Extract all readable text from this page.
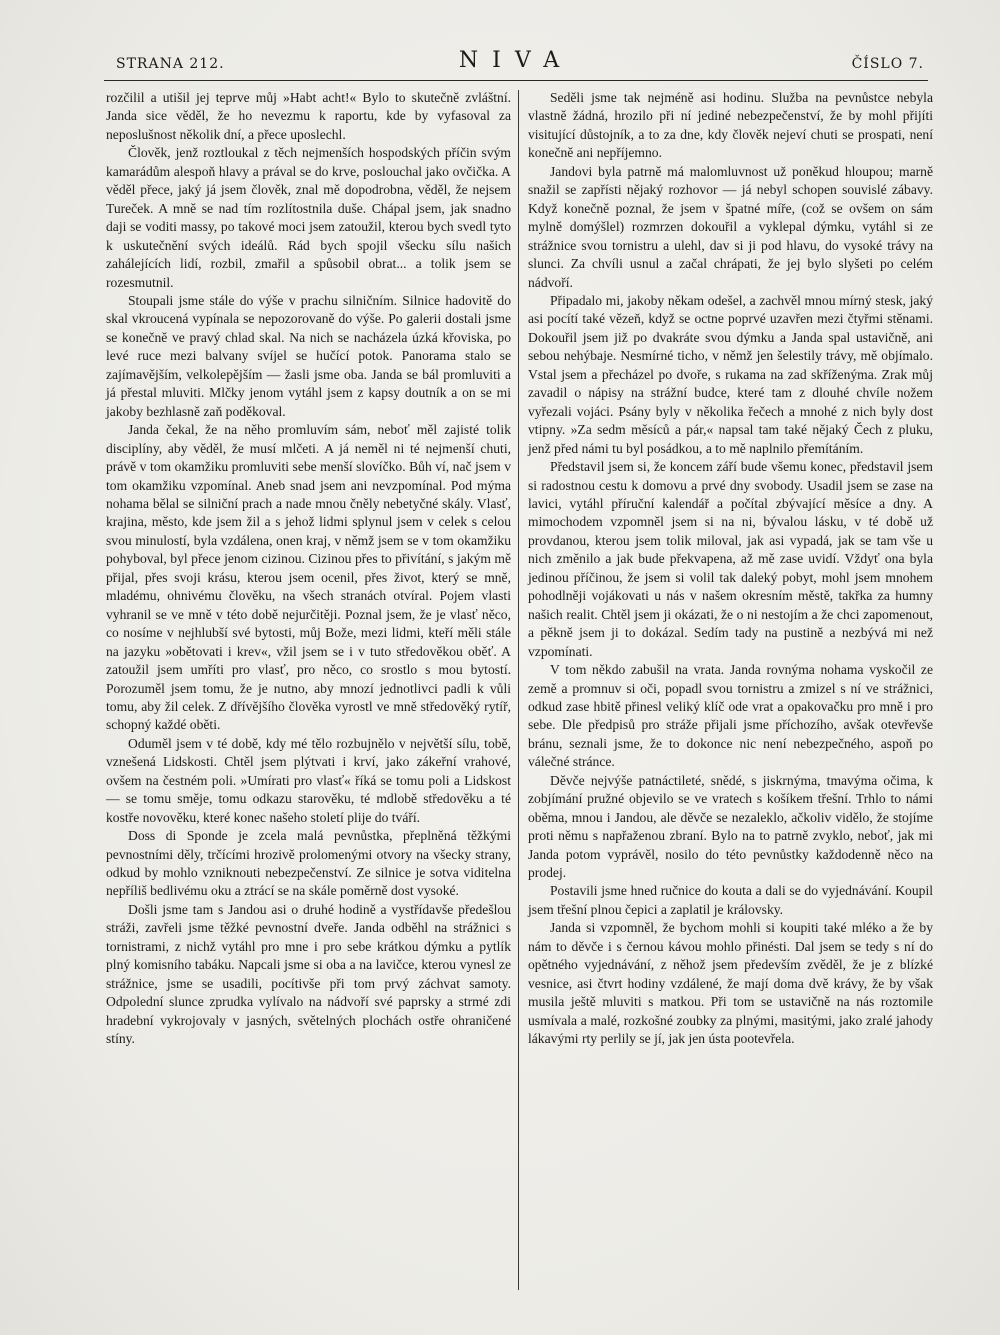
STRANA 212.	NIVA	ČÍSLO 7.

rozčilil a utišil jej teprve můj »Habt acht!« Bylo to skutečně zvláštní. Janda sice věděl, že ho nevezmu k raportu, kde by vyfasoval za neposlušnost několik dní, a přece uposlechl.

Člověk, jenž roztloukal z těch nejmenších hospodských příčin svým kamarádům alespoň hlavy a prával se do krve, poslouchal jako ovčička. A věděl přece, jaký já jsem člověk, znal mě dopodrobna, věděl, že nejsem Tureček. A mně se nad tím rozlítostnila duše. Chápal jsem, jak snadno daji se voditi massy, po takové moci jsem zatoužil, kterou bych svedl tyto k uskutečnění svých ideálů. Rád bych spojil všecku sílu našich zahálejících lidí, rozbil, zmařil a spůsobil obrat... a tolik jsem se rozesmutnil.

Stoupali jsme stále do výše v prachu silničním. Silnice hadovitě do skal vkroucená vypínala se nepozorovaně do výše. Po galerii dostali jsme se konečně ve pravý chlad skal. Na nich se nacházela úzká křoviska, po levé ruce mezi balvany svíjel se hučící potok. Panorama stalo se zajímavějším, velkolepějším — žasli jsme oba. Janda se bál promluviti a já přestal mluviti. Mlčky jenom vytáhl jsem z kapsy doutník a on se mi jakoby bezhlasně zaň poděkoval.

Janda čekal, že na něho promluvím sám, neboť měl zajisté tolik disciplíny, aby věděl, že musí mlčeti. A já neměl ni té nejmenší chuti, právě v tom okamžiku promluviti sebe menší slovíčko. Bůh ví, nač jsem v tom okamžiku vzpomínal. Aneb snad jsem ani nevzpomínal. Pod mýma nohama bělal se silniční prach a nade mnou čněly nebetyčné skály. Vlasť, krajina, město, kde jsem žil a s jehož lidmi splynul jsem v celek s celou svou minulostí, byla vzdálena, onen kraj, v němž jsem se v tom okamžiku pohyboval, byl přece jenom cizinou. Cizinou přes to přivítání, s jakým mě přijal, přes svoji krásu, kterou jsem ocenil, přes život, který se mně, mladému, ohnivému člověku, na všech stranách otvíral. Pojem vlasti vyhranil se ve mně v této době nejurčitěji. Poznal jsem, že je vlasť něco, co nosíme v nejhlubší své bytosti, můj Bože, mezi lidmi, kteří měli stále na jazyku »obětovati i krev«, vžil jsem se i v tuto středověkou oběť. A zatoužil jsem umříti pro vlasť, pro něco, co srostlo s mou bytostí. Porozuměl jsem tomu, že je nutno, aby mnozí jednotlivci padli k vůli tomu, aby žil celek. Z dřívějšího člověka vyrostl ve mně středověký rytíř, schopný každé oběti.

Oduměl jsem v té době, kdy mé tělo rozbujnělo v největší sílu, tobě, vznešená Lidskosti. Chtěl jsem plýtvati i krví, jako zákeřní vrahové, ovšem na čestném poli. »Umírati pro vlasť« říká se tomu poli a Lidskost — se tomu směje, tomu odkazu starověku, té mdlobě středověku a té kostře novověku, které konec našeho století plije do tváří.

Doss di Sponde je zcela malá pevnůstka, přeplněná těžkými pevnostními děly, trčícími hrozivě prolomenými otvory na všecky strany, odkud by mohlo vzniknouti nebezpečenství. Ze silnice je sotva viditelna nepříliš bedlivému oku a ztrácí se na skále poměrně dost vysoké.

Došli jsme tam s Jandou asi o druhé hodině a vystřídavše předešlou stráži, zavřeli jsme těžké pevnostní dveře. Janda odběhl na strážnici s tornistrami, z nichž vytáhl pro mne i pro sebe krátkou dýmku a pytlík plný komisního tabáku. Napcali jsme si oba a na lavičce, kterou vynesl ze strážnice, jsme se usadili, pocítivše při tom prvý záchvat samoty. Odpolední slunce zprudka vylívalo na nádvoří své paprsky a strmé zdi hradební vykrojovaly v jasných, světelných plochách ostře ohraničené stíny.

Seděli jsme tak nejméně asi hodinu. Služba na pevnůstce nebyla vlastně žádná, hrozilo při ní jediné nebezpečenství, že by mohl přijíti visitující důstojník, a to za dne, kdy člověk nejeví chuti se prospati, není konečně ani nepříjemno.

Jandovi byla patrně má malomluvnost už poněkud hloupou; marně snažil se zapřísti nějaký rozhovor — já nebyl schopen souvislé zábavy. Když konečně poznal, že jsem v špatné míře, (což se ovšem on sám mylně domýšlel) rozmrzen dokouřil a vyklepal dýmku, vytáhl si ze strážnice svou tornistru a ulehl, dav si ji pod hlavu, do vysoké trávy na slunci. Za chvíli usnul a začal chrápati, že jej bylo slyšeti po celém nádvoří.

Připadalo mi, jakoby někam odešel, a zachvěl mnou mírný stesk, jaký asi pocítí také vězeň, když se octne poprvé uzavřen mezi čtyřmi stěnami. Dokouřil jsem již po dvakráte svou dýmku a Janda spal ustavičně, ani sebou nehýbaje. Nesmírné ticho, v němž jen šelestily trávy, mě objímalo. Vstal jsem a přecházel po dvoře, s rukama na zad skříženýma. Zrak můj zavadil o nápisy na strážní budce, které tam z dlouhé chvíle nožem vyřezali vojáci. Psány byly v několika řečech a mnohé z nich byly dost vtipny. »Za sedm měsíců a pár,« napsal tam také nějaký Čech z pluku, jenž před námi tu byl posádkou, a to mě naplnilo přemítáním.

Představil jsem si, že koncem září bude všemu konec, představil jsem si radostnou cestu k domovu a prvé dny svobody. Usadil jsem se zase na lavici, vytáhl příruční kalendář a počítal zbývající měsíce a dny. A mimochodem vzpomněl jsem si na ni, bývalou lásku, v té době už provdanou, kterou jsem tolik miloval, jak asi vypadá, jak se tam vše u nich změnilo a jak bude překvapena, až mě zase uvidí. Vždyť ona byla jedinou příčinou, že jsem si volil tak daleký pobyt, mohl jsem mnohem pohodlněji vojákovati u nás v našem okresním městě, takřka za humny našich realit. Chtěl jsem ji okázati, že o ni nestojím a že chci zapomenout, a pěkně jsem ji to dokázal. Sedím tady na pustině a nezbývá mi než vzpomínati.

V tom někdo zabušil na vrata. Janda rovnýma nohama vyskočil ze země a promnuv si oči, popadl svou tornistru a zmizel s ní ve strážnici, odkud zase hbitě přinesl veliký klíč ode vrat a opakovačku pro mně i pro sebe. Dle předpisů pro stráže přijali jsme příchozího, avšak otevřevše bránu, seznali jsme, že to dokonce nic není nebezpečného, aspoň po válečné stránce.

Děvče nejvýše patnáctileté, snědé, s jiskrnýma, tmavýma očima, k zobjímání pružné objevilo se ve vratech s košíkem třešní. Trhlo to námi oběma, mnou i Jandou, ale děvče se nezaleklo, ačkoliv vidělo, že stojíme proti němu s napřaženou zbraní. Bylo na to patrně zvyklo, neboť, jak mi Janda potom vyprávěl, nosilo do této pevnůstky každodenně něco na prodej.

Postavili jsme hned ručnice do kouta a dali se do vyjednávání. Koupil jsem třešní plnou čepici a zaplatil je královsky.

Janda si vzpomněl, že bychom mohli si koupiti také mléko a že by nám to děvče i s černou kávou mohlo přinésti. Dal jsem se tedy s ní do opětného vyjednávání, z něhož jsem především zvěděl, že je z blízké vesnice, asi čtvrt hodiny vzdálené, že mají doma dvě krávy, že by však musila ještě mluviti s matkou. Při tom se ustavičně na nás roztomile usmívala a malé, rozkošné zoubky za plnými, masitými, jako zralé jahody lákavými rty perlily se jí, jak jen ústa pootevřela.
